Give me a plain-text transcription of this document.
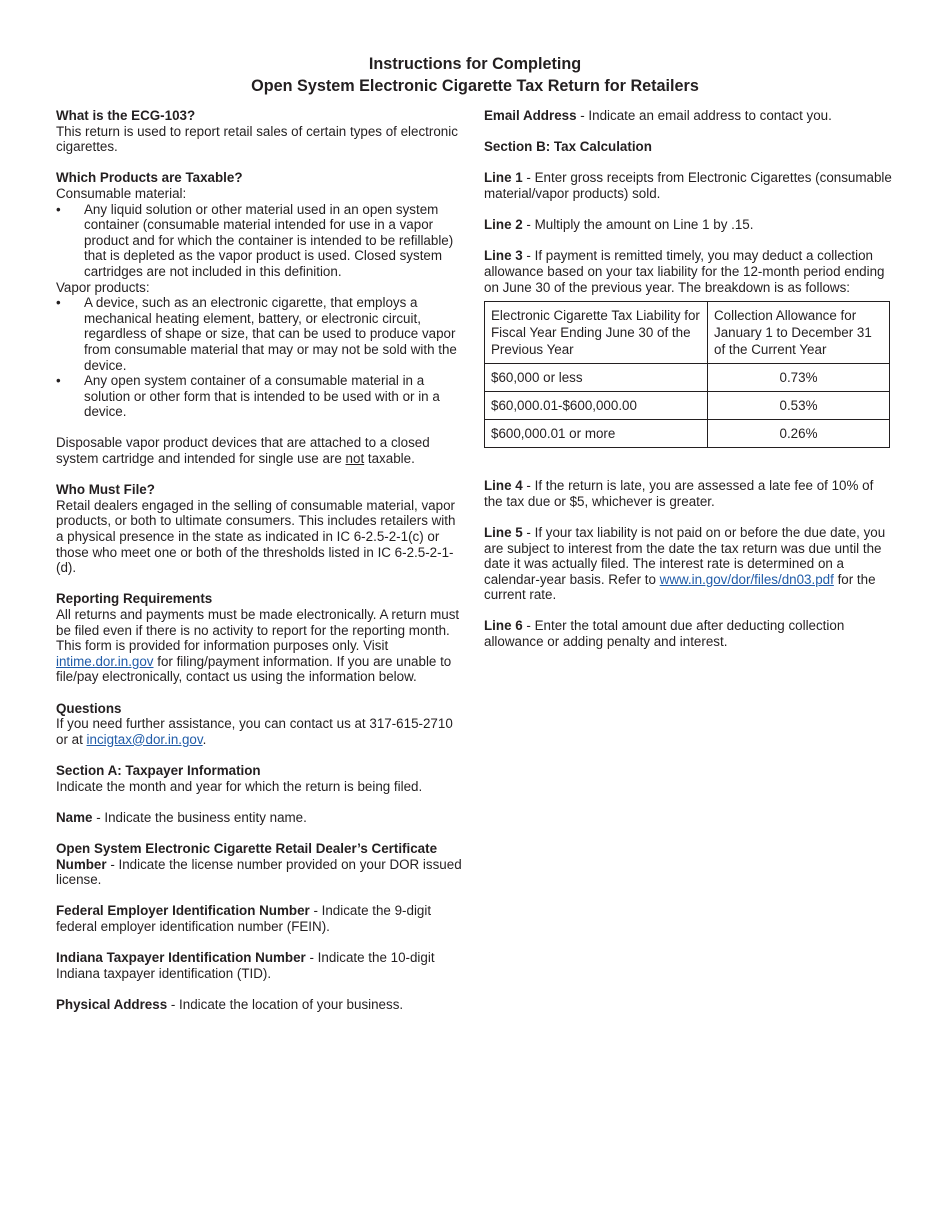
Instructions for Completing
Open System Electronic Cigarette Tax Return for Retailers
What is the ECG-103?
This return is used to report retail sales of certain types of electronic cigarettes.
Which Products are Taxable?
Consumable material:
•	Any liquid solution or other material used in an open system container (consumable material intended for use in a vapor product and for which the container is intended to be refillable) that is depleted as the vapor product is used. Closed system cartridges are not included in this definition.
Vapor products:
•	A device, such as an electronic cigarette, that employs a mechanical heating element, battery, or electronic circuit, regardless of shape or size, that can be used to produce vapor from consumable material that may or may not be sold with the device.
•	Any open system container of a consumable material in a solution or other form that is intended to be used with or in a device.
Disposable vapor product devices that are attached to a closed system cartridge and intended for single use are not taxable.
Who Must File?
Retail dealers engaged in the selling of consumable material, vapor products, or both to ultimate consumers. This includes retailers with a physical presence in the state as indicated in IC 6-2.5-2-1(c) or those who meet one or both of the thresholds listed in IC 6-2.5-2-1-(d).
Reporting Requirements
All returns and payments must be made electronically. A return must be filed even if there is no activity to report for the reporting month. This form is provided for information purposes only. Visit intime.dor.in.gov for filing/payment information. If you are unable to file/pay electronically, contact us using the information below.
Questions
If you need further assistance, you can contact us at 317-615-2710 or at incigtax@dor.in.gov.
Section A: Taxpayer Information
Indicate the month and year for which the return is being filed.
Name - Indicate the business entity name.
Open System Electronic Cigarette Retail Dealer’s Certificate Number - Indicate the license number provided on your DOR issued license.
Federal Employer Identification Number - Indicate the 9-digit federal employer identification number (FEIN).
Indiana Taxpayer Identification Number - Indicate the 10-digit Indiana taxpayer identification (TID).
Physical Address - Indicate the location of your business.
Email Address - Indicate an email address to contact you.
Section B: Tax Calculation
Line 1 - Enter gross receipts from Electronic Cigarettes (consumable material/vapor products) sold.
Line 2 - Multiply the amount on Line 1 by .15.
Line 3 - If payment is remitted timely, you may deduct a collection allowance based on your tax liability for the 12-month period ending on June 30 of the previous year. The breakdown is as follows:
Electronic Cigarette Tax Liability for Fiscal Year Ending June 30 of the Previous Year	Collection Allowance for January 1 to December 31 of the Current Year
$60,000 or less	0.73%
$60,000.01-$600,000.00	0.53%
$600,000.01 or more	0.26%
Line 4 - If the return is late, you are assessed a late fee of 10% of the tax due or $5, whichever is greater.
Line 5 - If your tax liability is not paid on or before the due date, you are subject to interest from the date the tax return was due until the date it was actually filed. The interest rate is determined on a calendar-year basis. Refer to www.in.gov/dor/files/dn03.pdf for the current rate.
Line 6 - Enter the total amount due after deducting collection allowance or adding penalty and interest.
